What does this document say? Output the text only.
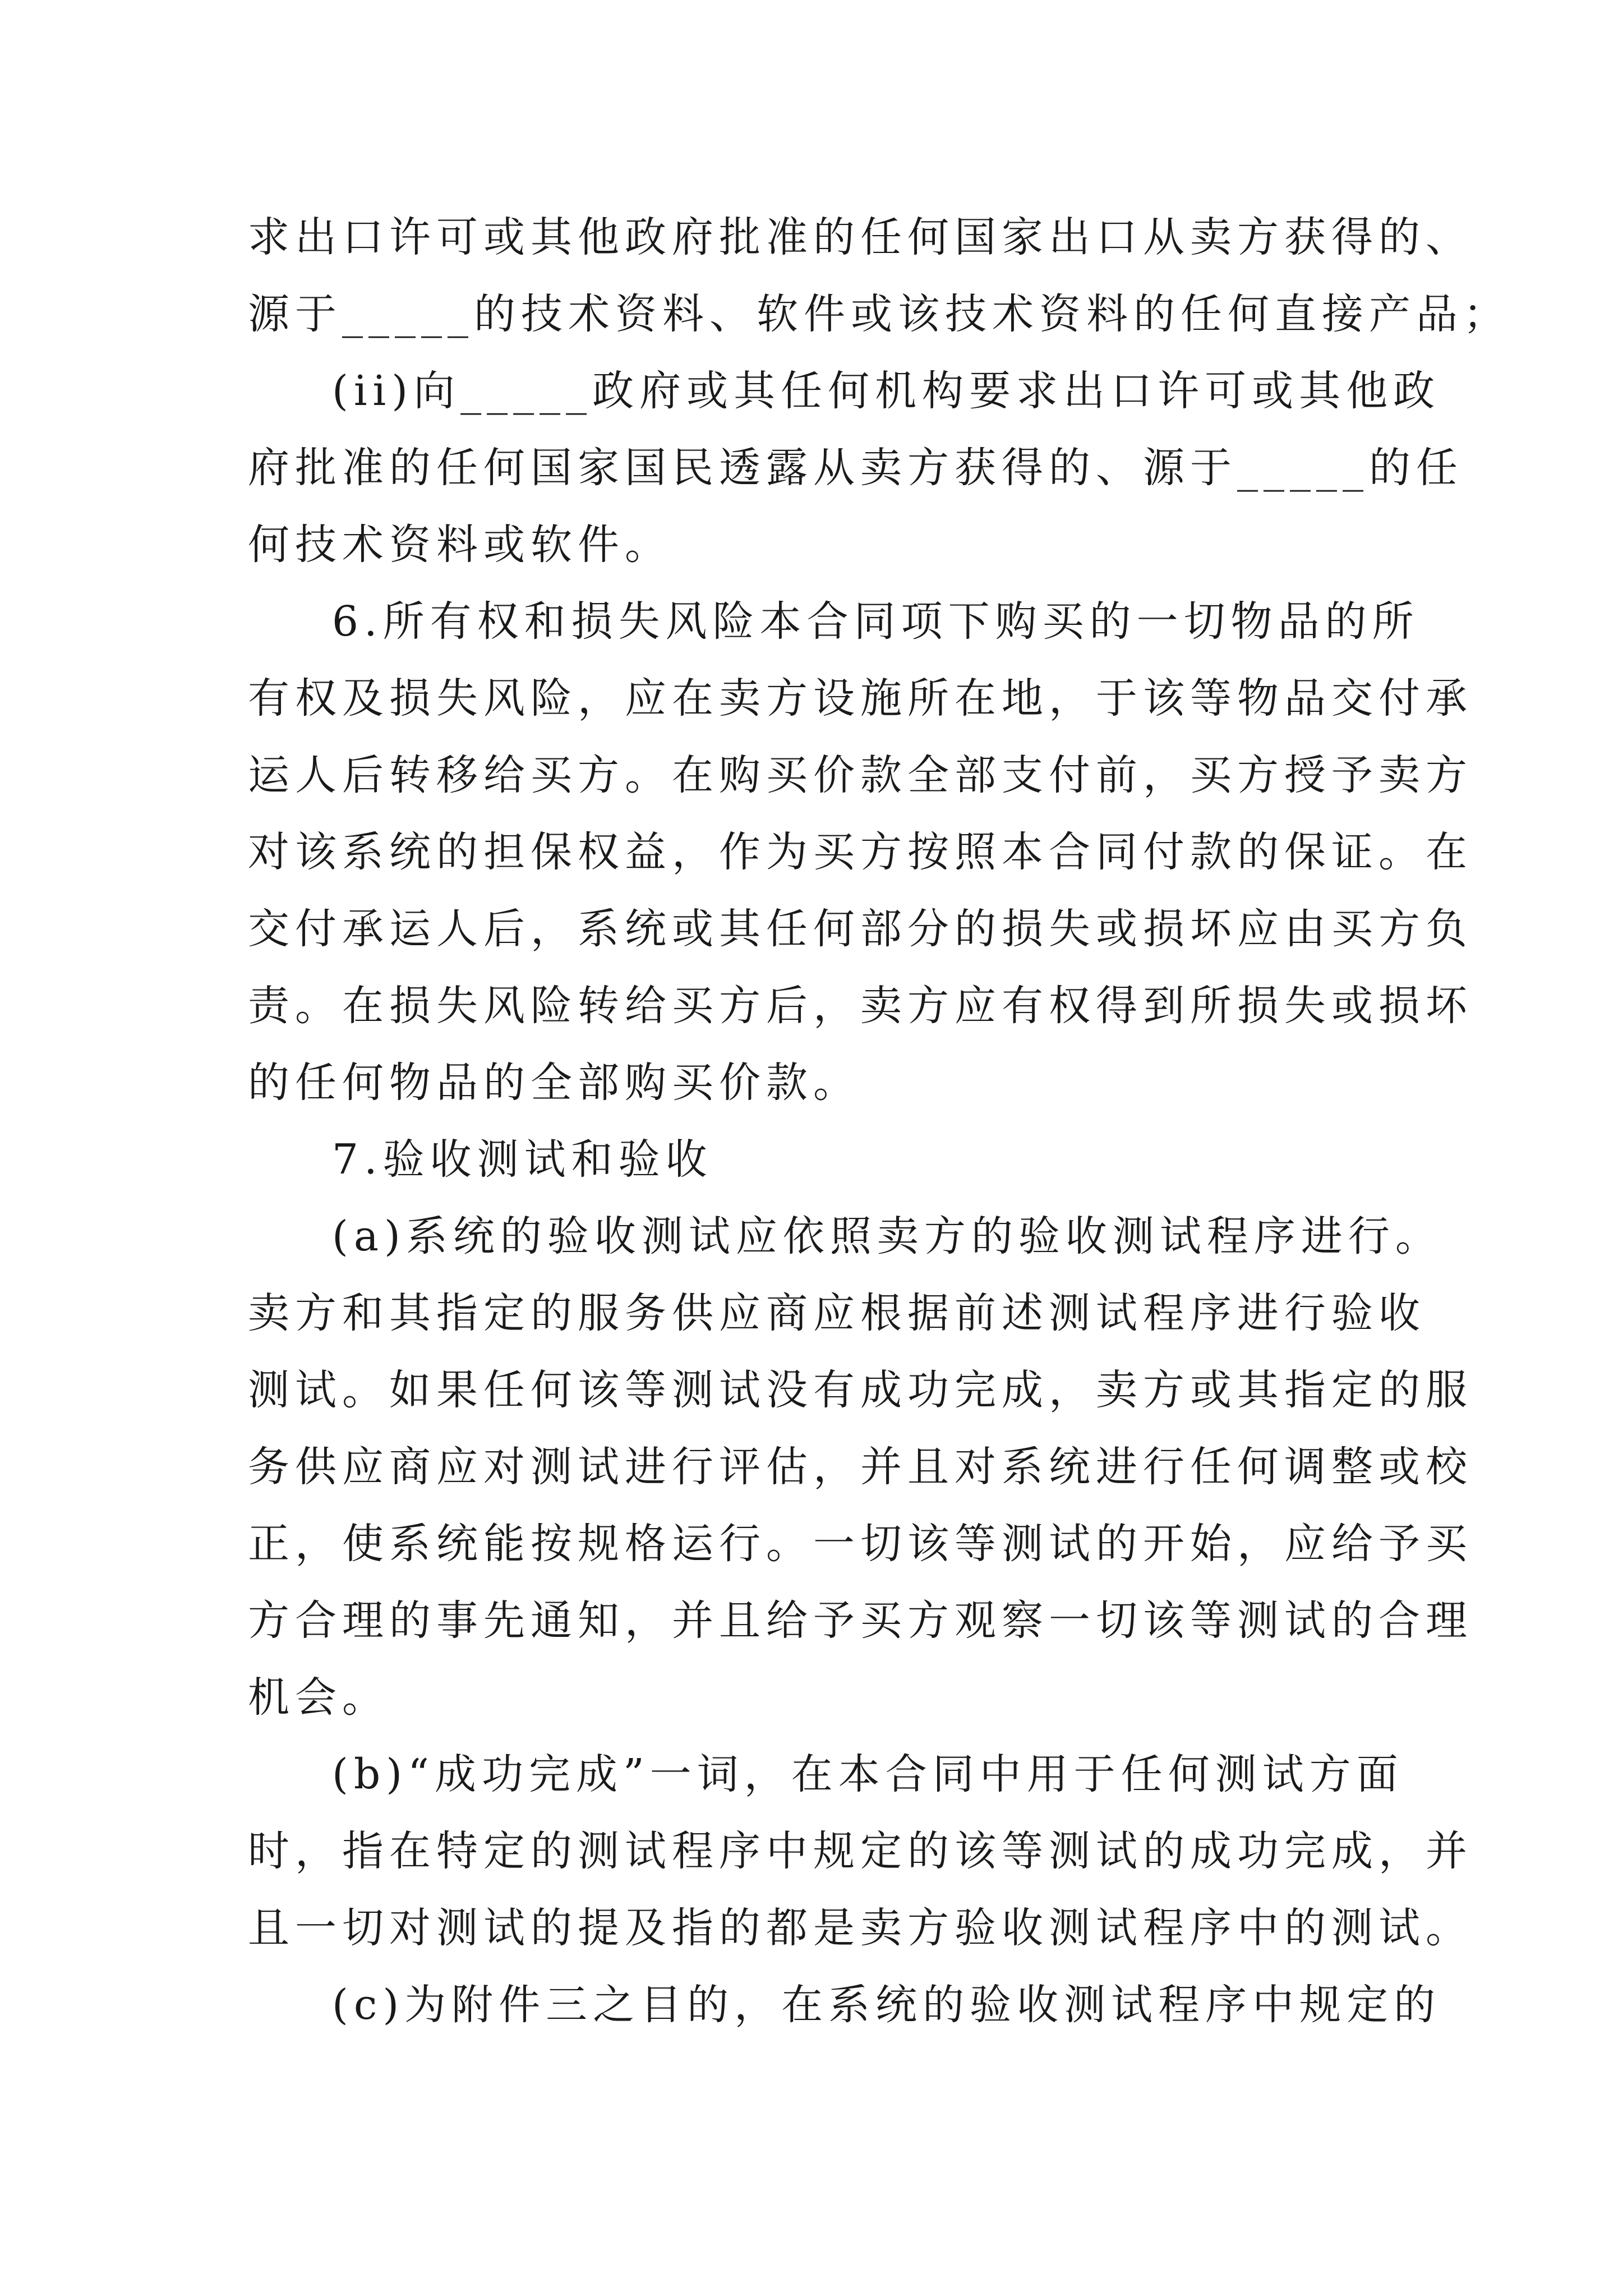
求出口许可或其他政府批准的任何国家出口从卖方获得的、
源于_____的技术资料、软件或该技术资料的任何直接产品；
(ii)向_____政府或其任何机构要求出口许可或其他政
府批准的任何国家国民透露从卖方获得的、源于_____的任
何技术资料或软件。
6.所有权和损失风险本合同项下购买的一切物品的所
有权及损失风险，应在卖方设施所在地，于该等物品交付承
运人后转移给买方。在购买价款全部支付前，买方授予卖方
对该系统的担保权益，作为买方按照本合同付款的保证。在
交付承运人后，系统或其任何部分的损失或损坏应由买方负
责。在损失风险转给买方后，卖方应有权得到所损失或损坏
的任何物品的全部购买价款。
7.验收测试和验收
(a)系统的验收测试应依照卖方的验收测试程序进行。
卖方和其指定的服务供应商应根据前述测试程序进行验收
测试。如果任何该等测试没有成功完成，卖方或其指定的服
务供应商应对测试进行评估，并且对系统进行任何调整或校
正，使系统能按规格运行。一切该等测试的开始，应给予买
方合理的事先通知，并且给予买方观察一切该等测试的合理
机会。
(b)“成功完成”一词，在本合同中用于任何测试方面
时，指在特定的测试程序中规定的该等测试的成功完成，并
且一切对测试的提及指的都是卖方验收测试程序中的测试。
(c)为附件三之目的，在系统的验收测试程序中规定的
